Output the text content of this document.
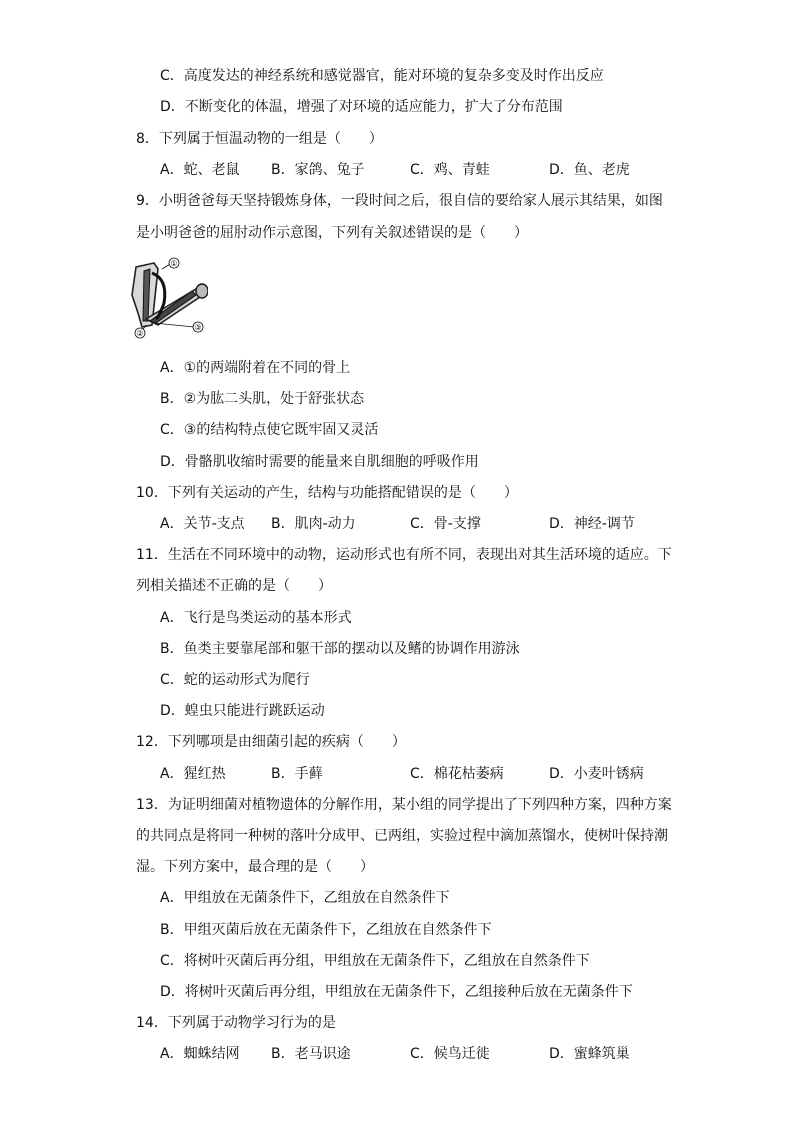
C．高度发达的神经系统和感觉器官，能对环境的复杂多变及时作出反应
D．不断变化的体温，增强了对环境的适应能力，扩大了分布范围
8．下列属于恒温动物的一组是（　　）
A．蛇、老鼠 B．家鸽、兔子	C．鸡、青蛙	D．鱼、老虎
9．小明爸爸每天坚持锻炼身体，一段时间之后，很自信的要给家人展示其结果，如图
是小明爸爸的屈肘动作示意图，下列有关叙述错误的是（　　）
①
②
③
A．①的两端附着在不同的骨上
B．②为肱二头肌，处于舒张状态
C．③的结构特点使它既牢固又灵活
D．骨骼肌收缩时需要的能量来自肌细胞的呼吸作用
10．下列有关运动的产生，结构与功能搭配错误的是（　　）
A．关节-支点 B．肌肉-动力	C．骨-支撑	D．神经-调节
11．生活在不同环境中的动物，运动形式也有所不同，表现出对其生活环境的适应。下
列相关描述不正确的是（　　）
A．飞行是鸟类运动的基本形式
B．鱼类主要靠尾部和躯干部的摆动以及鳍的协调作用游泳
C．蛇的运动形式为爬行
D．蝗虫只能进行跳跃运动
12．下列哪项是由细菌引起的疾病（　　）
A．猩红热	B．手藓	C．棉花枯萎病	D．小麦叶锈病
13．为证明细菌对植物遗体的分解作用，某小组的同学提出了下列四种方案，四种方案
的共同点是将同一种树的落叶分成甲、已两组，实验过程中滴加蒸馏水，使树叶保持潮
湿。下列方案中，最合理的是（　　）
A．甲组放在无菌条件下，乙组放在自然条件下
B．甲组灭菌后放在无菌条件下，乙组放在自然条件下
C．将树叶灭菌后再分组，甲组放在无菌条件下，乙组放在自然条件下
D．将树叶灭菌后再分组，甲组放在无菌条件下，乙组接种后放在无菌条件下
14．下列属于动物学习行为的是
A．蜘蛛结网 B．老马识途	C．候鸟迁徙	D．蜜蜂筑巢
